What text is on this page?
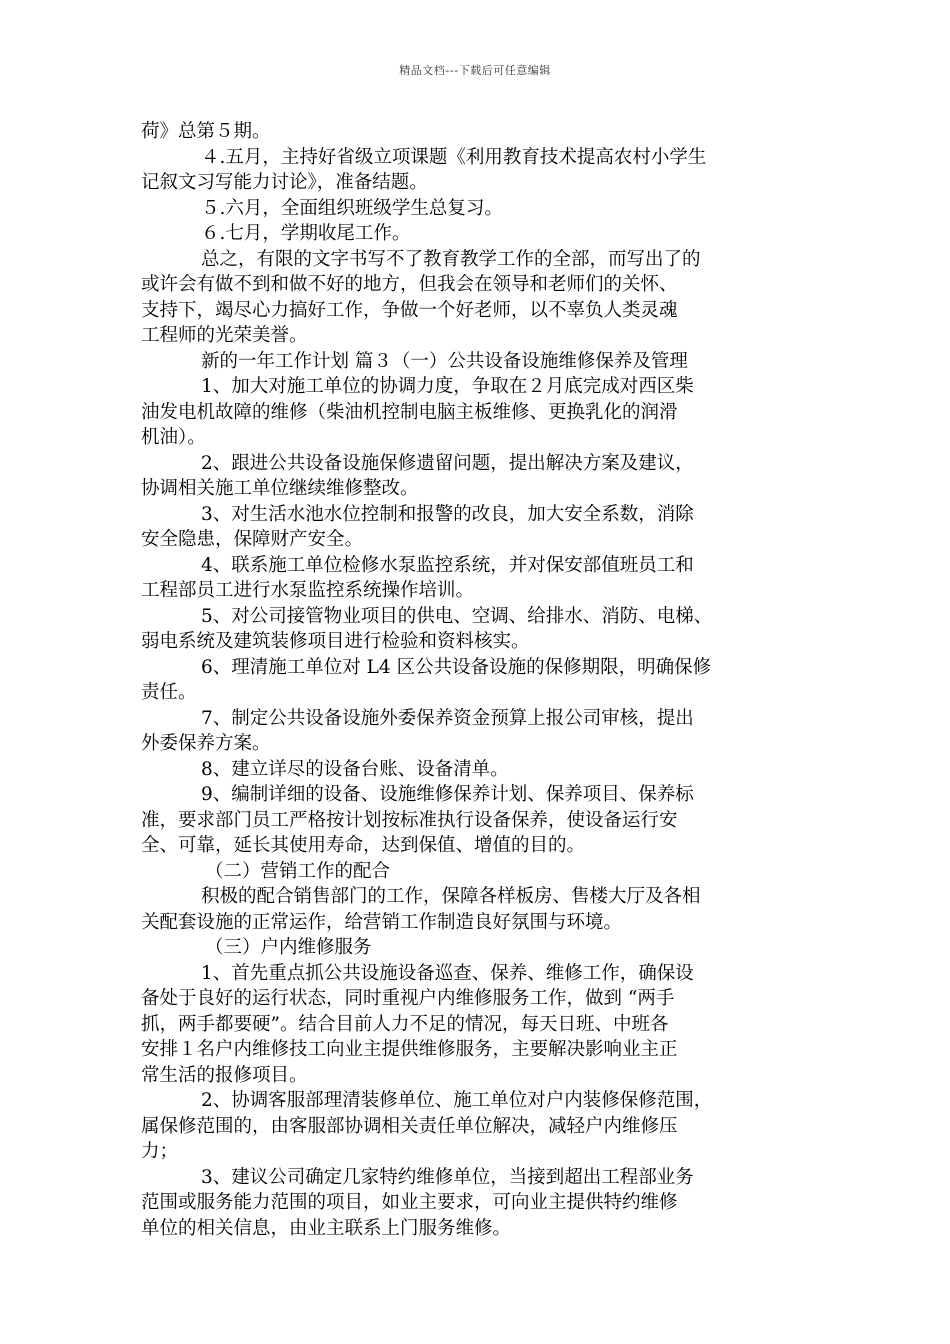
精品文档---下载后可任意编辑
荷》总第５期。
４.五月，主持好省级立项课题《利用教育技术提高农村小学生
记叙文习写能力讨论》，准备结题。
５.六月，全面组织班级学生总复习。
６.七月，学期收尾工作。
总之，有限的文字书写不了教育教学工作的全部，而写出了的
或许会有做不到和做不好的地方，但我会在领导和老师们的关怀、
支持下，竭尽心力搞好工作，争做一个好老师，以不辜负人类灵魂
工程师的光荣美誉。
新的一年工作计划 篇３（一）公共设备设施维修保养及管理
1、加大对施工单位的协调力度，争取在２月底完成对西区柴
油发电机故障的维修（柴油机控制电脑主板维修、更换乳化的润滑
机油）。
2、跟进公共设备设施保修遗留问题，提出解决方案及建议，
协调相关施工单位继续维修整改。
3、对生活水池水位控制和报警的改良，加大安全系数，消除
安全隐患，保障财产安全。
4、联系施工单位检修水泵监控系统，并对保安部值班员工和
工程部员工进行水泵监控系统操作培训。
5、对公司接管物业项目的供电、空调、给排水、消防、电梯、
弱电系统及建筑装修项目进行检验和资料核实。
6、理清施工单位对 L4 区公共设备设施的保修期限，明确保修
责任。
7、制定公共设备设施外委保养资金预算上报公司审核，提出
外委保养方案。
8、建立详尽的设备台账、设备清单。
9、编制详细的设备、设施维修保养计划、保养项目、保养标
准，要求部门员工严格按计划按标准执行设备保养，使设备运行安
全、可靠，延长其使用寿命，达到保值、增值的目的。
（二）营销工作的配合
积极的配合销售部门的工作，保障各样板房、售楼大厅及各相
关配套设施的正常运作，给营销工作制造良好氛围与环境。
（三）户内维修服务
1、首先重点抓公共设施设备巡查、保养、维修工作，确保设
备处于良好的运行状态，同时重视户内维修服务工作，做到 “两手
抓，两手都要硬”。结合目前人力不足的情况，每天日班、中班各
安排１名户内维修技工向业主提供维修服务，主要解决影响业主正
常生活的报修项目。
2、协调客服部理清装修单位、施工单位对户内装修保修范围，
属保修范围的，由客服部协调相关责任单位解决，减轻户内维修压
力；
3、建议公司确定几家特约维修单位，当接到超出工程部业务
范围或服务能力范围的项目，如业主要求，可向业主提供特约维修
单位的相关信息，由业主联系上门服务维修。
